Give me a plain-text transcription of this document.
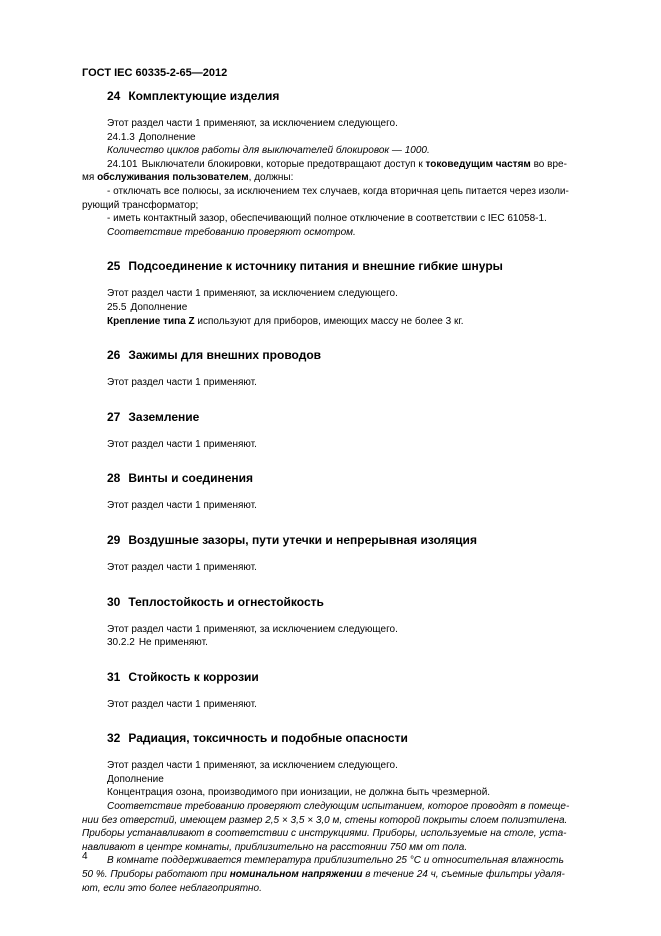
ГОСТ IEC 60335-2-65—2012
24 Комплектующие изделия

Этот раздел части 1 применяют, за исключением следующего.

24.1.3 Дополнение

Количество циклов работы для выключателей блокировок — 1000.

24.101 Выключатели блокировки, которые предотвращают доступ к токоведущим частям во вре-

мя обслуживания пользователем, должны:

- отключать все полюсы, за исключением тех случаев, когда вторичная цепь питается через изоли-

рующий трансформатор;

- иметь контактный зазор, обеспечивающий полное отключение в соответствии с IEC 61058-1.

Соответствие требованию проверяют осмотром.

25 Подсоединение к источнику питания и внешние гибкие шнуры

Этот раздел части 1 применяют, за исключением следующего.

25.5 Дополнение

Крепление типа Z используют для приборов, имеющих массу не более 3 кг.

26 Зажимы для внешних проводов

Этот раздел части 1 применяют.

27 Заземление

Этот раздел части 1 применяют.

28 Винты и соединения

Этот раздел части 1 применяют.

29 Воздушные зазоры, пути утечки и непрерывная изоляция

Этот раздел части 1 применяют.

30 Теплостойкость и огнестойкость

Этот раздел части 1 применяют, за исключением следующего.

30.2.2 Не применяют.

31 Стойкость к коррозии

Этот раздел части 1 применяют.

32 Радиация, токсичность и подобные опасности

Этот раздел части 1 применяют, за исключением следующего.

Дополнение

Концентрация озона, производимого при ионизации, не должна быть чрезмерной.

Соответствие требованию проверяют следующим испытанием, которое проводят в помеще-

нии без отверстий, имеющем размер 2,5 × 3,5 × 3,0 м, стены которой покрыты слоем полиэтилена.

Приборы устанавливают в соответствии с инструкциями. Приборы, используемые на столе, уста-

навливают в центре комнаты, приблизительно на расстоянии 750 мм от пола.

В комнате поддерживается температура приблизительно 25 °C и относительная влажность

50 %. Приборы работают при номинальном напряжении в течение 24 ч, съемные фильтры удаля-

ют, если это более неблагоприятно.

4
